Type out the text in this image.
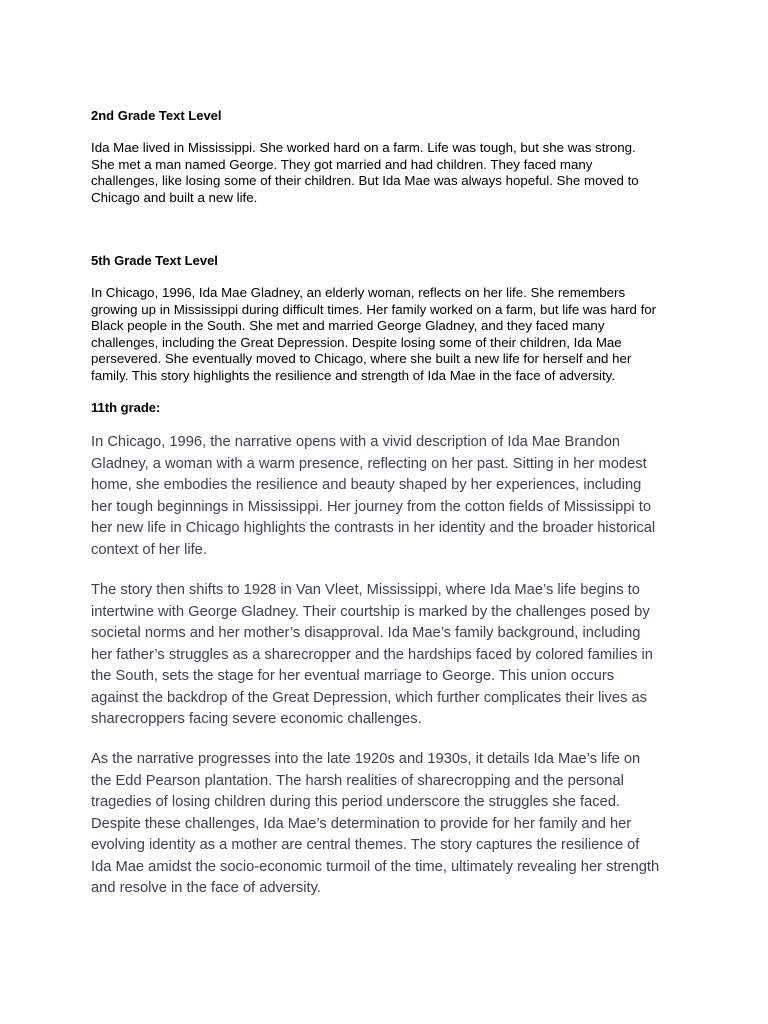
2nd Grade Text Level
Ida Mae lived in Mississippi. She worked hard on a farm. Life was tough, but she was strong.
She met a man named George. They got married and had children. They faced many
challenges, like losing some of their children. But Ida Mae was always hopeful. She moved to
Chicago and built a new life.
5th Grade Text Level
In Chicago, 1996, Ida Mae Gladney, an elderly woman, reflects on her life. She remembers
growing up in Mississippi during difficult times. Her family worked on a farm, but life was hard for
Black people in the South. She met and married George Gladney, and they faced many
challenges, including the Great Depression. Despite losing some of their children, Ida Mae
persevered. She eventually moved to Chicago, where she built a new life for herself and her
family. This story highlights the resilience and strength of Ida Mae in the face of adversity.
11th grade:
In Chicago, 1996, the narrative opens with a vivid description of Ida Mae Brandon
Gladney, a woman with a warm presence, reflecting on her past. Sitting in her modest
home, she embodies the resilience and beauty shaped by her experiences, including
her tough beginnings in Mississippi. Her journey from the cotton fields of Mississippi to
her new life in Chicago highlights the contrasts in her identity and the broader historical
context of her life.
The story then shifts to 1928 in Van Vleet, Mississippi, where Ida Mae’s life begins to
intertwine with George Gladney. Their courtship is marked by the challenges posed by
societal norms and her mother’s disapproval. Ida Mae’s family background, including
her father’s struggles as a sharecropper and the hardships faced by colored families in
the South, sets the stage for her eventual marriage to George. This union occurs
against the backdrop of the Great Depression, which further complicates their lives as
sharecroppers facing severe economic challenges.
As the narrative progresses into the late 1920s and 1930s, it details Ida Mae’s life on
the Edd Pearson plantation. The harsh realities of sharecropping and the personal
tragedies of losing children during this period underscore the struggles she faced.
Despite these challenges, Ida Mae’s determination to provide for her family and her
evolving identity as a mother are central themes. The story captures the resilience of
Ida Mae amidst the socio-economic turmoil of the time, ultimately revealing her strength
and resolve in the face of adversity.
